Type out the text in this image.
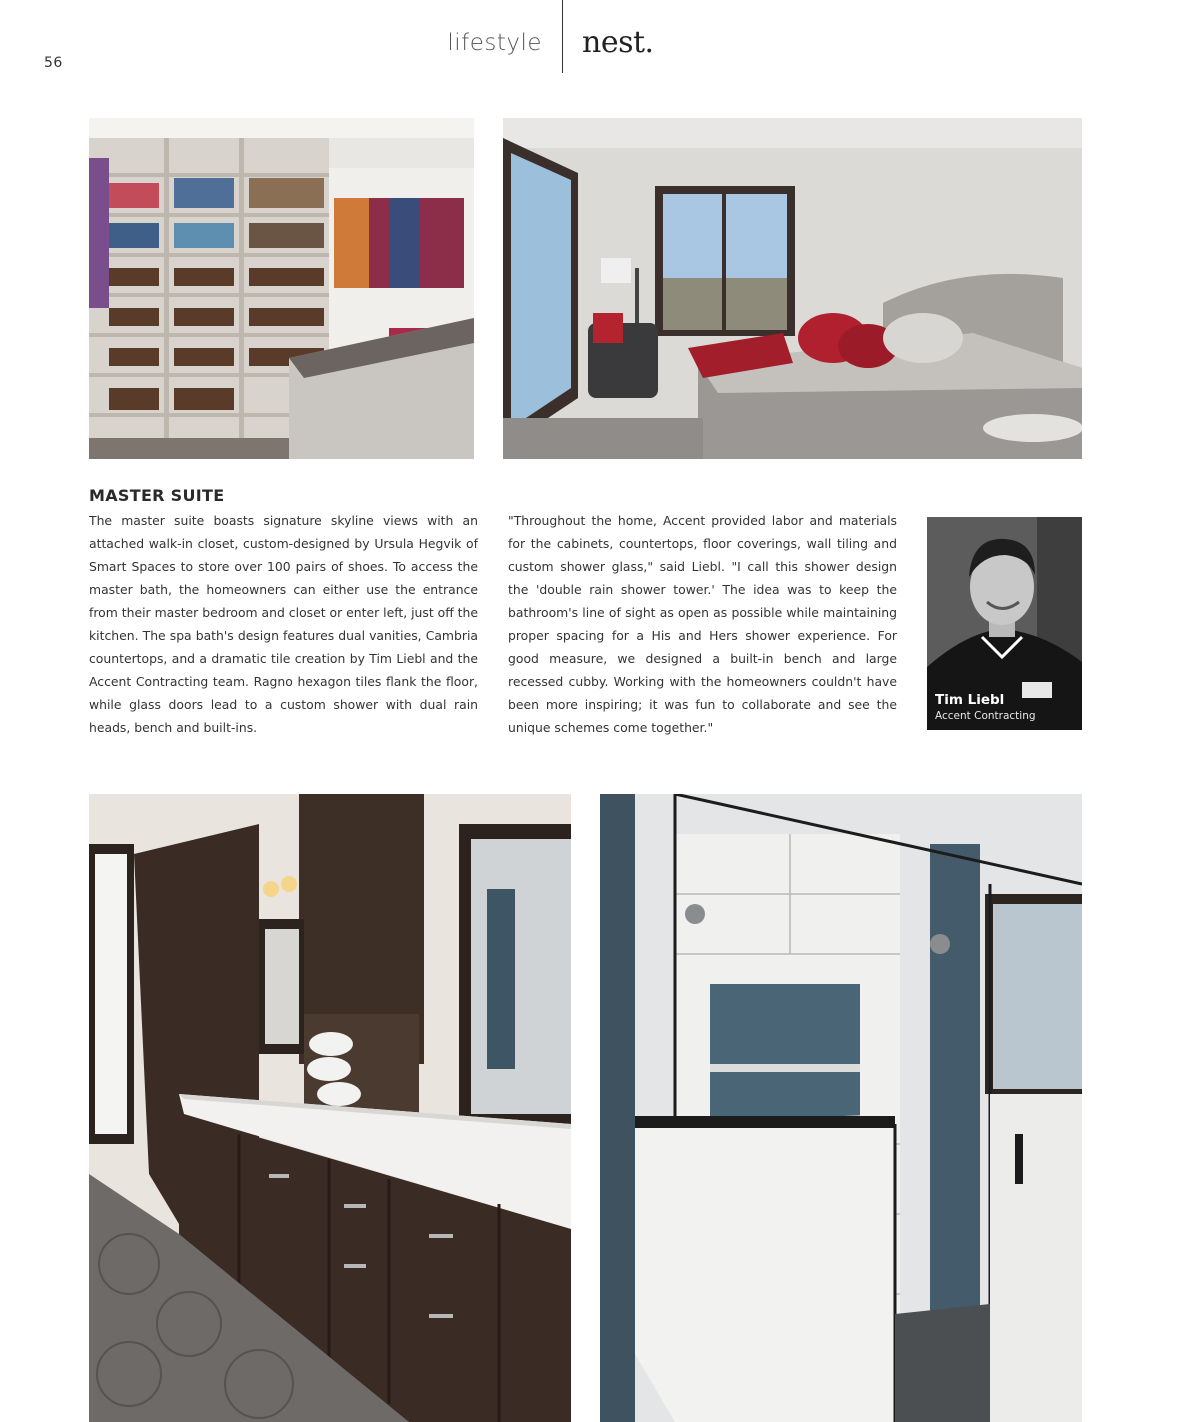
56
lifestyle nest.
MASTER SUITE

The master suite boasts signature skyline views with an attached walk-in closet, custom-designed by Ursula Hegvik of Smart Spaces to store over 100 pairs of shoes. To access the master bath, the homeowners can either use the entrance from their master bedroom and closet or enter left, just off the kitchen. The spa bath's design features dual vanities, Cambria countertops, and a dramatic tile creation by Tim Liebl and the Accent Contracting team. Ragno hexagon tiles flank the floor, while glass doors lead to a custom shower with dual rain heads, bench and built-ins.

"Throughout the home, Accent provided labor and materials for the cabinets, countertops, floor coverings, wall tiling and custom shower glass," said Liebl. "I call this shower design the 'double rain shower tower.' The idea was to keep the bathroom's line of sight as open as possible while maintaining proper spacing for a His and Hers shower experience. For good measure, we designed a built-in bench and large recessed cubby. Working with the homeowners couldn't have been more inspiring; it was fun to collaborate and see the unique schemes come together."

Tim Liebl
Accent Contracting
